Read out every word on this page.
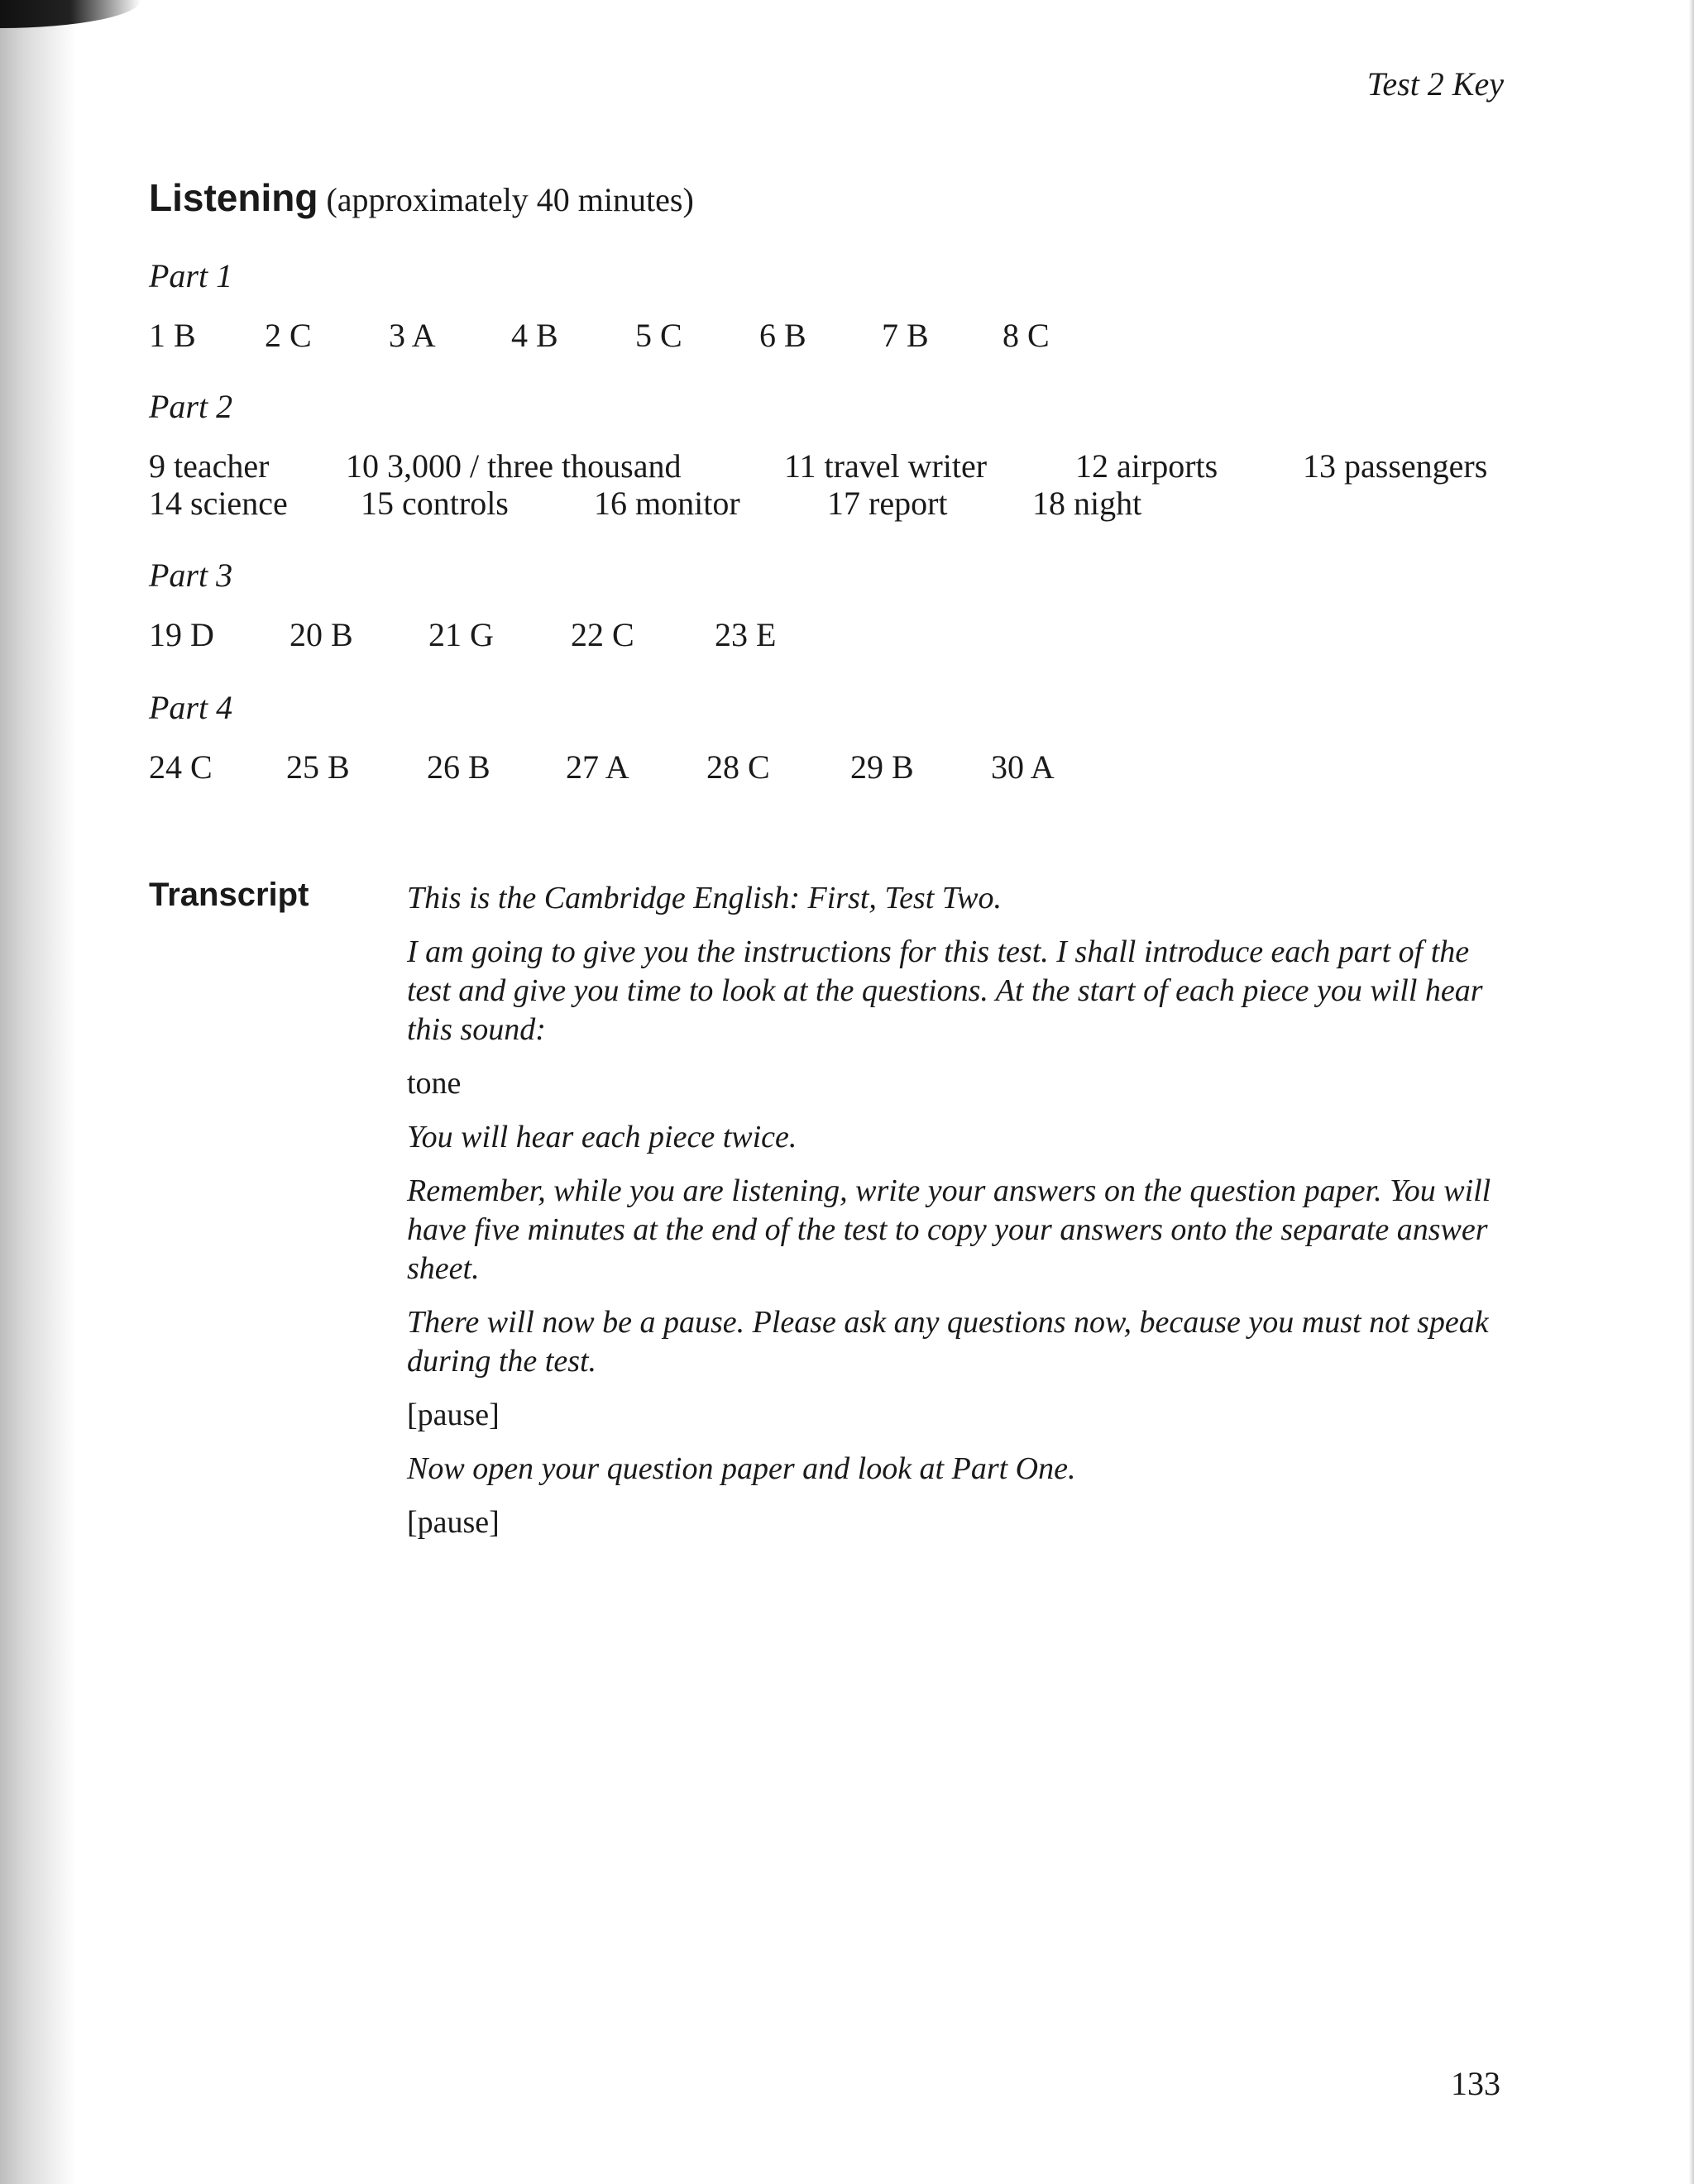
Test 2 Key
Listening (approximately 40 minutes)
Part 1
1 B 2 C 3 A 4 B 5 C 6 B 7 B 8 C
Part 2
9 teacher 10 3,000 / three thousand	11 travel writer	12 airports	13 passengers
14 science 15 controls	16 monitor	17 report	18 night
Part 3
19 D 20 B 21 G 22 C 23 E
Part 4
24 C 25 B 26 B 27 A 28 C 29 B 30 A
Transcript	This is the Cambridge English: First, Test Two.

I am going to give you the instructions for this test. I shall introduce each part of the test and give you time to look at the questions. At the start of each piece you will hear this sound:

tone

You will hear each piece twice.

Remember, while you are listening, write your answers on the question paper. You will have five minutes at the end of the test to copy your answers onto the separate answer sheet.

There will now be a pause. Please ask any questions now, because you must not speak during the test.

[pause]

Now open your question paper and look at Part One.

[pause]

133
